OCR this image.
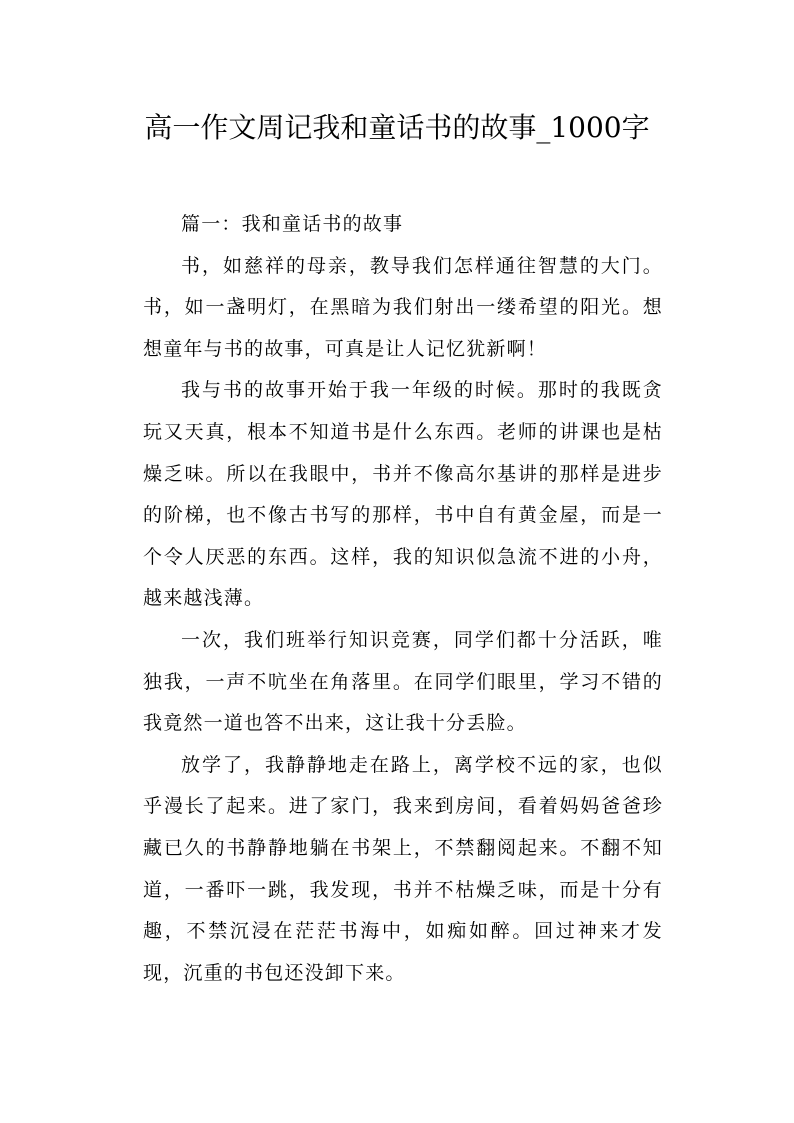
高一作文周记我和童话书的故事_1000字

篇一：我和童话书的故事

书，如慈祥的母亲，教导我们怎样通往智慧的大门。书，如一盏明灯，在黑暗为我们射出一缕希望的阳光。想想童年与书的故事，可真是让人记忆犹新啊！

我与书的故事开始于我一年级的时候。那时的我既贪玩又天真，根本不知道书是什么东西。老师的讲课也是枯燥乏味。所以在我眼中，书并不像高尔基讲的那样是进步的阶梯，也不像古书写的那样，书中自有黄金屋，而是一个令人厌恶的东西。这样，我的知识似急流不进的小舟，越来越浅薄。

一次，我们班举行知识竞赛，同学们都十分活跃，唯独我，一声不吭坐在角落里。在同学们眼里，学习不错的我竟然一道也答不出来，这让我十分丢脸。

放学了，我静静地走在路上，离学校不远的家，也似乎漫长了起来。进了家门，我来到房间，看着妈妈爸爸珍藏已久的书静静地躺在书架上，不禁翻阅起来。不翻不知道，一番吓一跳，我发现，书并不枯燥乏味，而是十分有趣，不禁沉浸在茫茫书海中，如痴如醉。回过神来才发现，沉重的书包还没卸下来。
